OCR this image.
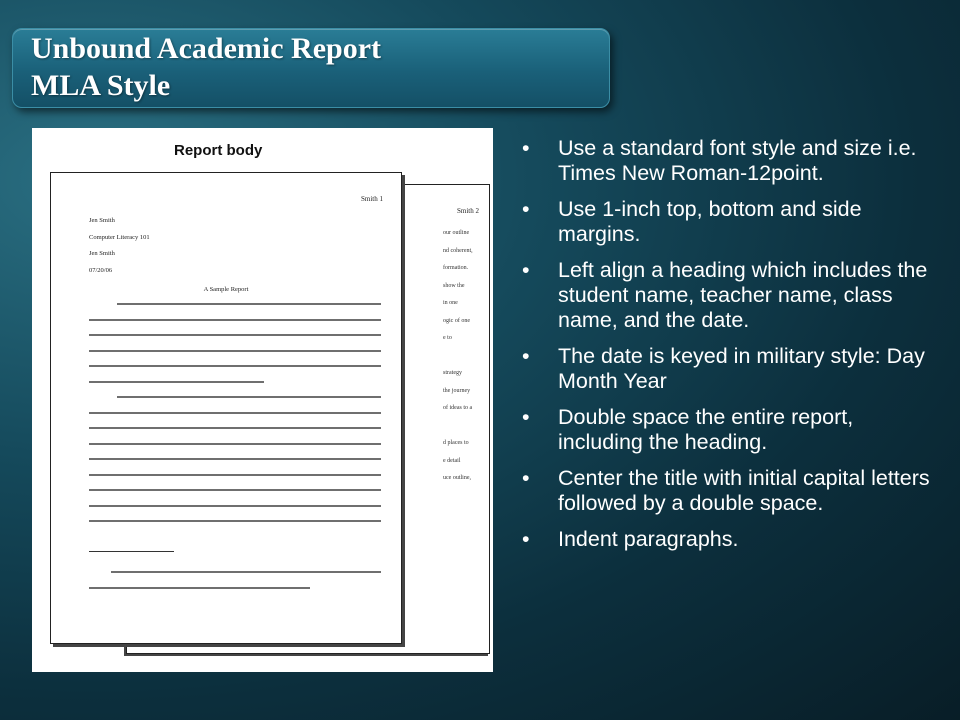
Unbound Academic Report

MLA Style

Report body
Smith 2
our outline
nd coherent,
formation.
show the
in one
ogic of one
e to
strategy
the journey
of ideas to a
d places to
e detail
uce outline,
Smith 1
Jen Smith
Computer Literacy 101
Jen Smith
07/20/06
A Sample Report
• Use a standard font style and size i.e. Times New Roman-12point.
• Use 1-inch top, bottom and side margins.
• Left align a heading which includes the student name, teacher name, class name, and the date.
• The date is keyed in military style: Day Month Year
• Double space the entire report, including the heading.
• Center the title with initial capital letters followed by a double space.
• Indent paragraphs.
